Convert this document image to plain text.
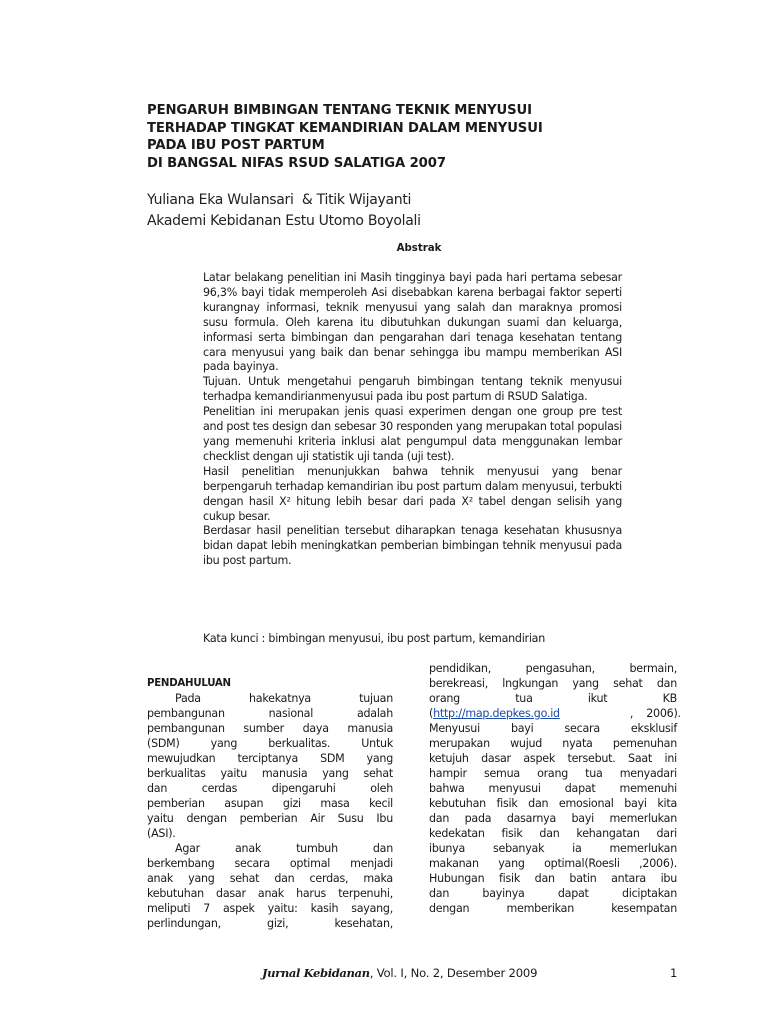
PENGARUH BIMBINGAN TENTANG TEKNIK MENYUSUI
TERHADAP TINGKAT KEMANDIRIAN DALAM MENYUSUI
PADA IBU POST PARTUM
DI BANGSAL NIFAS RSUD SALATIGA 2007
Yuliana Eka Wulansari  & Titik Wijayanti
Akademi Kebidanan Estu Utomo Boyolali
Abstrak

Latar belakang penelitian ini Masih tingginya bayi pada hari pertama sebesar 96,3% bayi tidak memperoleh Asi disebabkan karena berbagai faktor seperti kurangnay informasi, teknik menyusui yang salah dan maraknya promosi susu formula. Oleh karena itu dibutuhkan dukungan suami dan keluarga, informasi serta bimbingan dan pengarahan dari tenaga kesehatan tentang cara menyusui yang baik dan benar sehingga ibu mampu memberikan ASI pada bayinya.

Tujuan. Untuk mengetahui pengaruh bimbingan tentang teknik menyusui terhadpa kemandirianmenyusui pada ibu post partum di RSUD Salatiga.

Penelitian ini merupakan jenis quasi experimen dengan one group pre test and post tes design dan sebesar 30 responden yang merupakan total populasi yang memenuhi kriteria inklusi alat pengumpul data menggunakan lembar checklist dengan uji statistik uji tanda (uji test).

Hasil penelitian menunjukkan bahwa tehnik menyusui yang benar berpengaruh terhadap kemandirian ibu post partum dalam menyusui, terbukti dengan hasil X² hitung lebih besar dari pada X² tabel dengan selisih yang cukup besar.

Berdasar hasil penelitian tersebut diharapkan tenaga kesehatan khususnya bidan dapat lebih meningkatkan pemberian bimbingan tehnik menyusui pada ibu post partum.

Kata kunci : bimbingan menyusui, ibu post partum, kemandirian
PENDAHULUAN
Pada    hakekatnya    tujuan
pembangunan     nasional     adalah
pembangunan sumber daya manusia
(SDM)    yang    berkualitas.    Untuk
mewujudkan terciptanya SDM yang
berkualitas yaitu manusia yang sehat
dan     cerdas     dipengaruhi     oleh
pemberian asupan gizi masa kecil
yaitu dengan pemberian Air Susu Ibu
(ASI).
Agar    anak    tumbuh    dan
berkembang secara optimal menjadi
anak yang sehat dan cerdas, maka
kebutuhan dasar anak harus terpenuhi,
meliputi 7 aspek yaitu: kasih sayang,
perlindungan,    gizi,    kesehatan,
pendidikan,    pengasuhan,    bermain,
berekreasi, lngkungan yang sehat dan
orang    tua    ikut    KB
(http://map.depkes.go.id	,    2006).
Menyusui    bayi    secara    eksklusif
merupakan wujud nyata pemenuhan
ketujuh dasar aspek tersebut. Saat ini
hampir semua orang tua menyadari
bahwa menyusui dapat memenuhi
kebutuhan fisik dan emosional bayi kita
dan pada dasarnya bayi memerlukan
kedekatan fisik dan kehangatan dari
ibunya  sebanyak  ia  memerlukan
makanan yang optimal(Roesli ,2006).
Hubungan fisik dan batin antara ibu
dan    bayinya    dapat    diciptakan
dengan    memberikan    kesempatan
Jurnal Kebidanan, Vol. I, No. 2, Desember 2009	1
